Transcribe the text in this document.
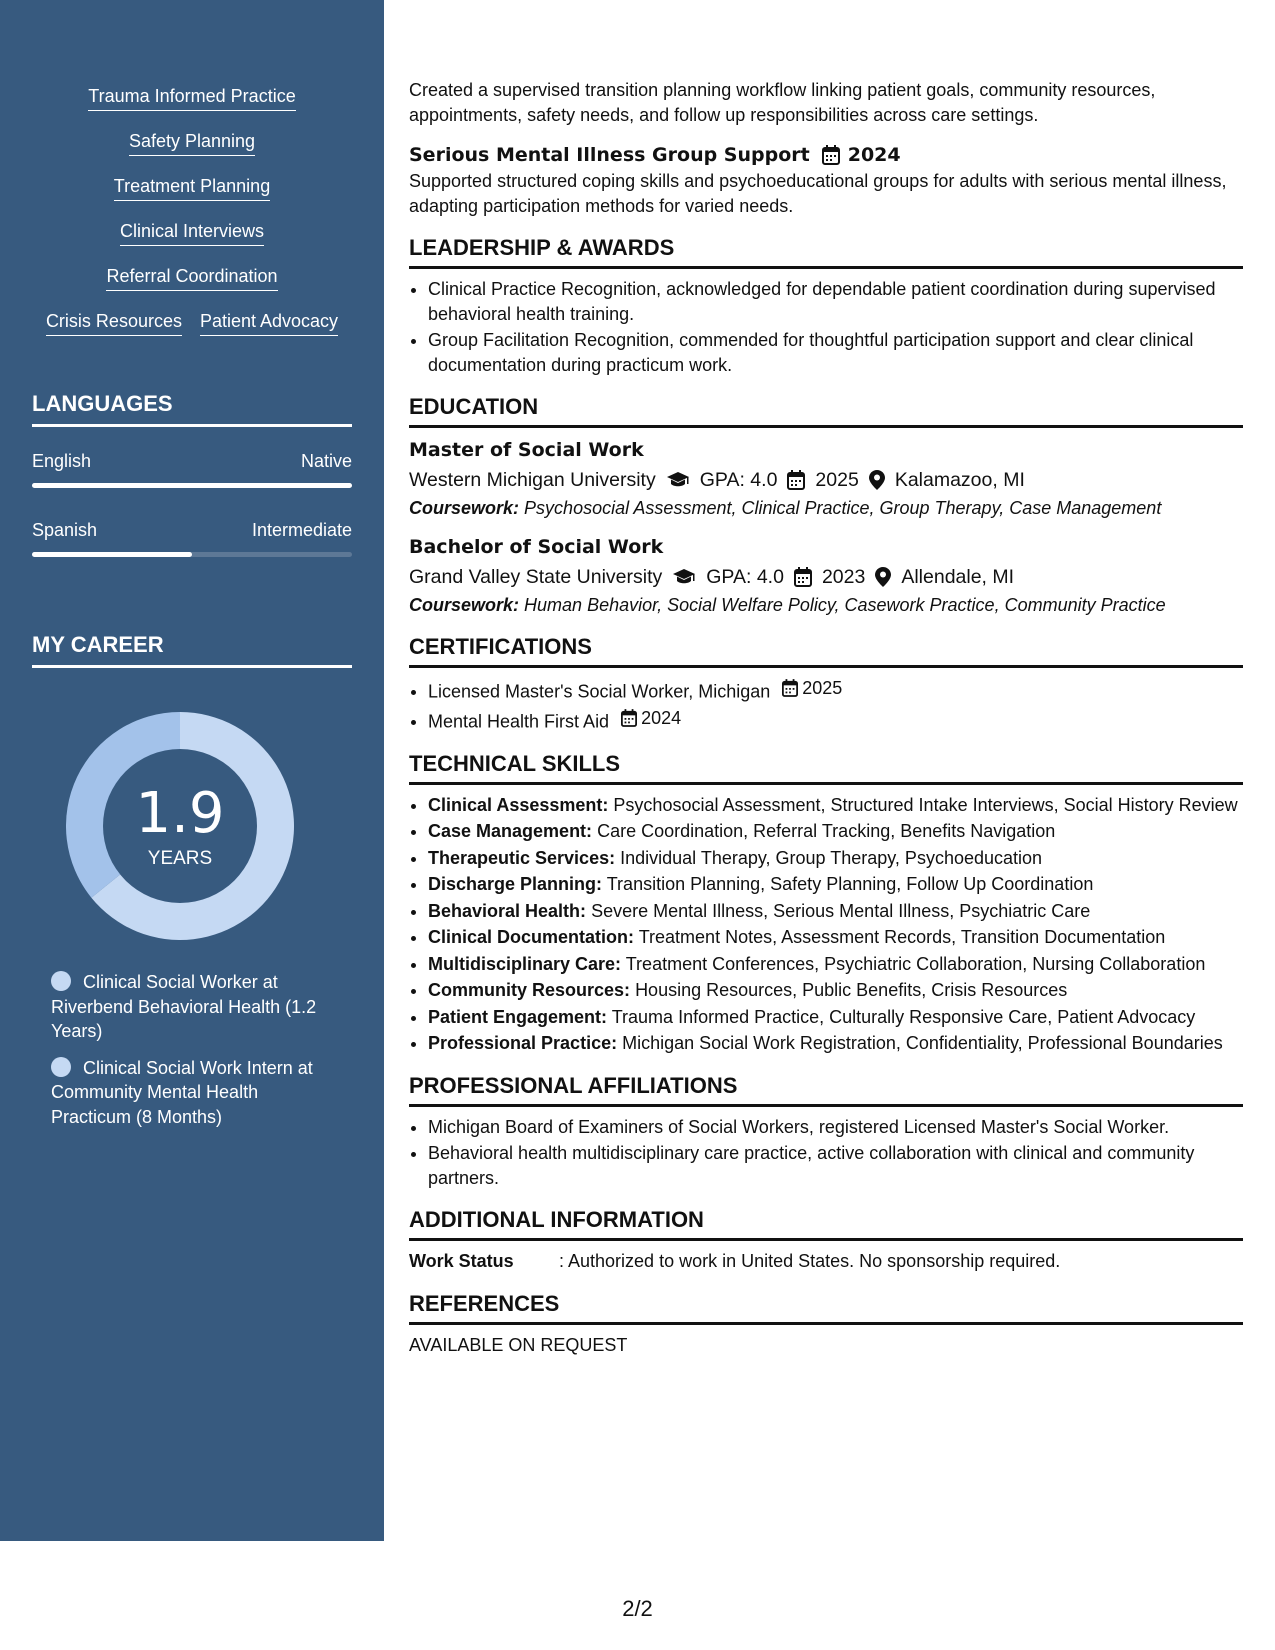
Trauma Informed Practice
Safety Planning
Treatment Planning
Clinical Interviews
Referral Coordination
Crisis Resources Patient Advocacy
LANGUAGES
English	Native
Spanish	Intermediate
MY CAREER
1.9
YEARS
Clinical Social Worker at Riverbend Behavioral Health (1.2 Years)
Clinical Social Work Intern at Community Mental Health Practicum (8 Months)

Created a supervised transition planning workflow linking patient goals, community resources, appointments, safety needs, and follow up responsibilities across care settings.

Serious Mental Illness Group Support 2024

Supported structured coping skills and psychoeducational groups for adults with serious mental illness, adapting participation methods for varied needs.

LEADERSHIP & AWARDS
• Clinical Practice Recognition, acknowledged for dependable patient coordination during supervised behavioral health training.
• Group Facilitation Recognition, commended for thoughtful participation support and clear clinical documentation during practicum work.
EDUCATION
Master of Social Work
Western Michigan University GPA: 4.0 2025 Kalamazoo, MI
Coursework: Psychosocial Assessment, Clinical Practice, Group Therapy, Case Management
Bachelor of Social Work
Grand Valley State University GPA: 4.0 2023 Allendale, MI
Coursework: Human Behavior, Social Welfare Policy, Casework Practice, Community Practice
CERTIFICATIONS
• Licensed Master's Social Worker, Michigan 2025
• Mental Health First Aid 2024
TECHNICAL SKILLS
• Clinical Assessment: Psychosocial Assessment, Structured Intake Interviews, Social History Review
• Case Management: Care Coordination, Referral Tracking, Benefits Navigation
• Therapeutic Services: Individual Therapy, Group Therapy, Psychoeducation
• Discharge Planning: Transition Planning, Safety Planning, Follow Up Coordination
• Behavioral Health: Severe Mental Illness, Serious Mental Illness, Psychiatric Care
• Clinical Documentation: Treatment Notes, Assessment Records, Transition Documentation
• Multidisciplinary Care: Treatment Conferences, Psychiatric Collaboration, Nursing Collaboration
• Community Resources: Housing Resources, Public Benefits, Crisis Resources
• Patient Engagement: Trauma Informed Practice, Culturally Responsive Care, Patient Advocacy
• Professional Practice: Michigan Social Work Registration, Confidentiality, Professional Boundaries
PROFESSIONAL AFFILIATIONS
• Michigan Board of Examiners of Social Workers, registered Licensed Master's Social Worker.
• Behavioral health multidisciplinary care practice, active collaboration with clinical and community partners.
ADDITIONAL INFORMATION
Work Status	: Authorized to work in United States. No sponsorship required.
REFERENCES

AVAILABLE ON REQUEST

2/2
